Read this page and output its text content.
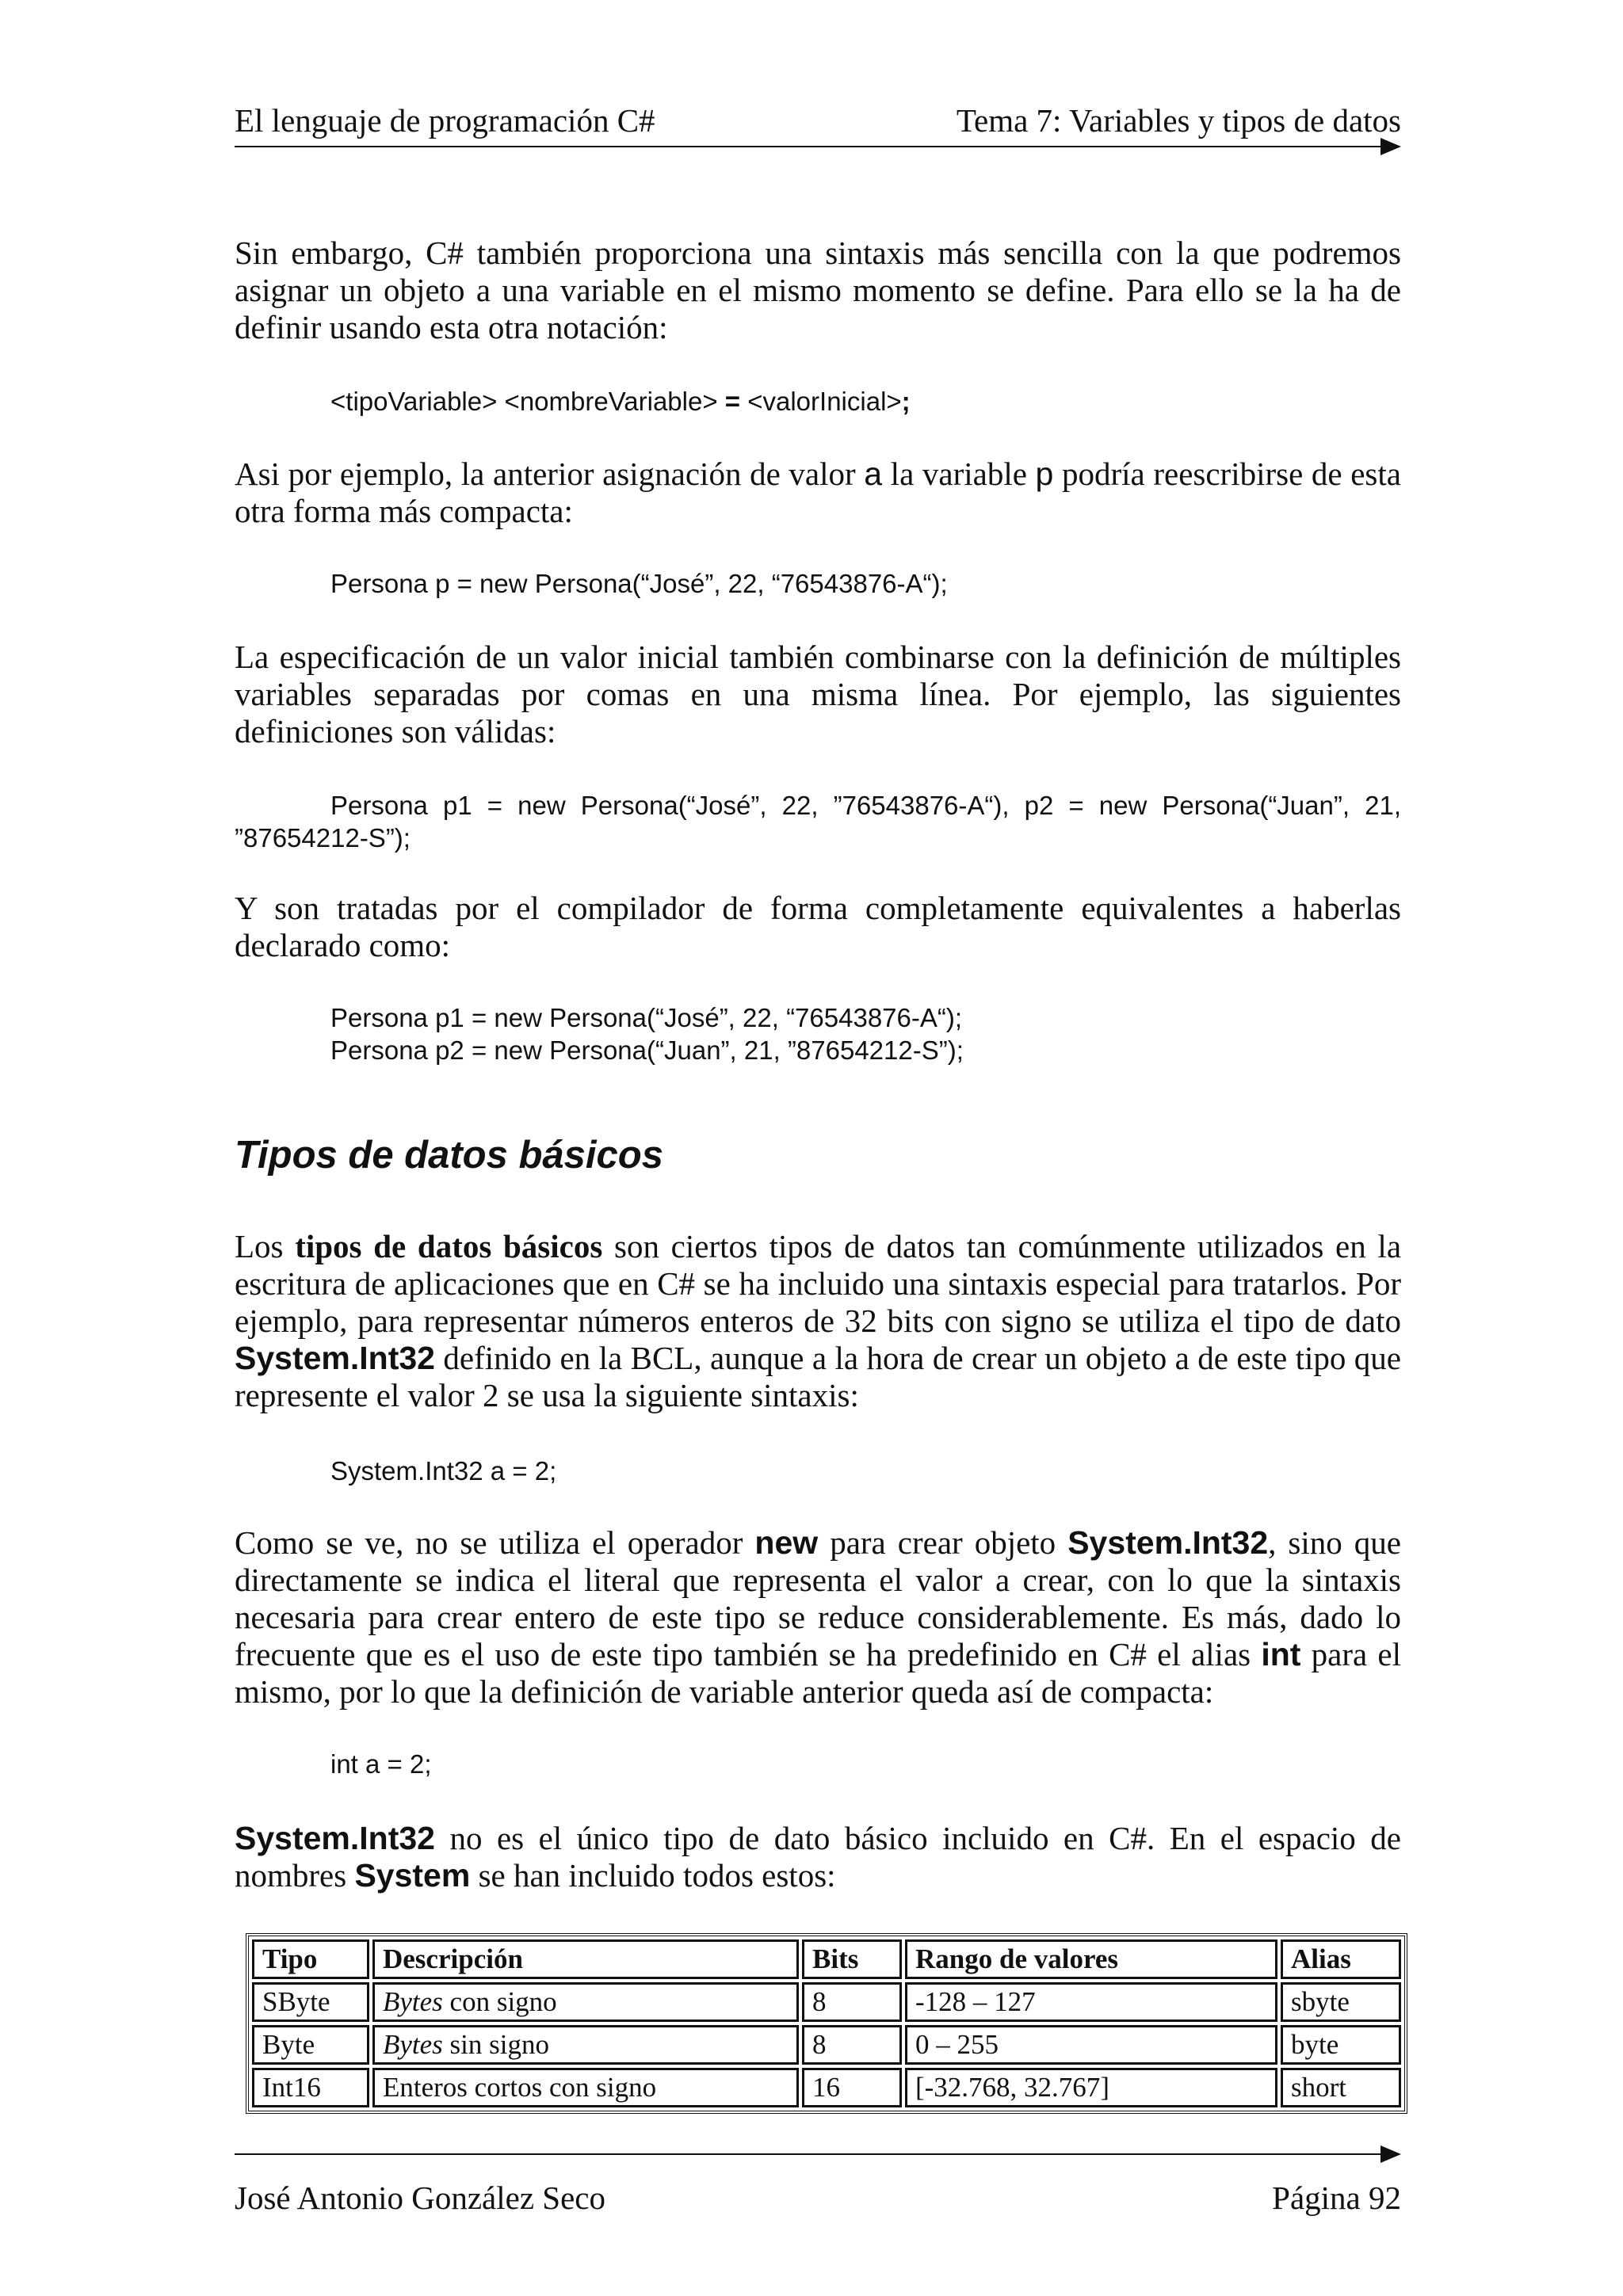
El lenguaje de programación C#	Tema 7: Variables y tipos de datos

Sin embargo, C# también proporciona una sintaxis más sencilla con la que podremos asignar un objeto a una variable en el mismo momento se define. Para ello se la ha de definir usando esta otra notación:

<tipoVariable> <nombreVariable> = <valorInicial>;

Asi por ejemplo, la anterior asignación de valor a la variable p podría reescribirse de esta otra forma más compacta:

Persona p = new Persona(“José”, 22, “76543876-A“);

La especificación de un valor inicial también combinarse con la definición de múltiples variables separadas por comas en una misma línea. Por ejemplo, las siguientes definiciones son válidas:

Persona p1 = new Persona(“José”, 22, ”76543876-A“), p2 = new Persona(“Juan”, 21,
”87654212-S”);

Y son tratadas por el compilador de forma completamente equivalentes a haberlas declarado como:

Persona p1 = new Persona(“José”, 22, “76543876-A“);
Persona p2 = new Persona(“Juan”, 21, ”87654212-S”);
Tipos de datos básicos

Los tipos de datos básicos son ciertos tipos de datos tan comúnmente utilizados en la escritura de aplicaciones que en C# se ha incluido una sintaxis especial para tratarlos. Por ejemplo, para representar números enteros de 32 bits con signo se utiliza el tipo de dato System.Int32 definido en la BCL, aunque a la hora de crear un objeto a de este tipo que represente el valor 2 se usa la siguiente sintaxis:

System.Int32 a = 2;

Como se ve, no se utiliza el operador new para crear objeto System.Int32, sino que directamente se indica el literal que representa el valor a crear, con lo que la sintaxis necesaria para crear entero de este tipo se reduce considerablemente. Es más, dado lo frecuente que es el uso de este tipo también se ha predefinido en C# el alias int para el mismo, por lo que la definición de variable anterior queda así de compacta:

int a = 2;

System.Int32 no es el único tipo de dato básico incluido en C#. En el espacio de nombres System se han incluido todos estos:

Tipo	Descripción	Bits	Rango de valores	Alias
SByte	Bytes con signo	8	-128 – 127	sbyte
Byte	Bytes sin signo	8	0 – 255	byte
Int16	Enteros cortos con signo	16	[-32.768, 32.767]	short
José Antonio González Seco	Página 92
